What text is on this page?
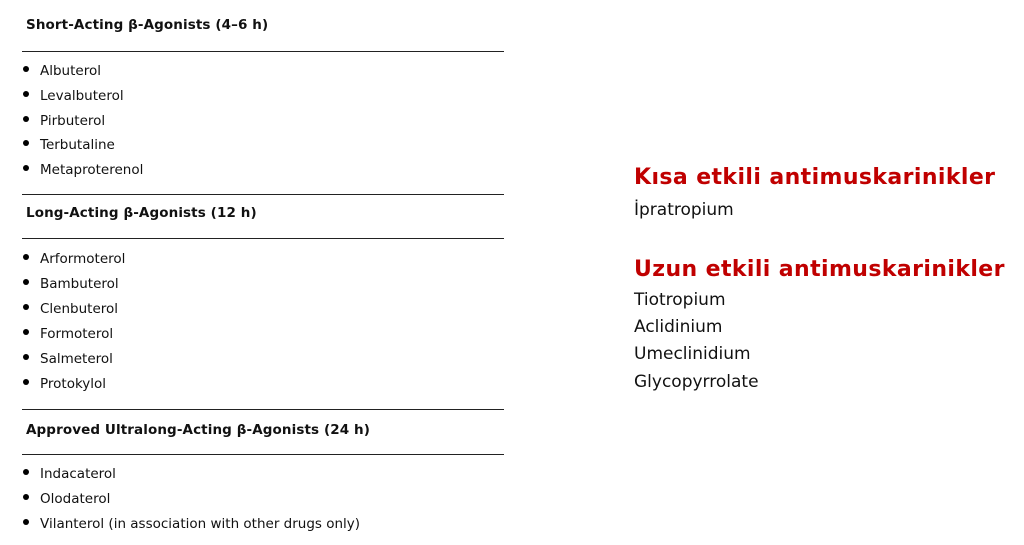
Short-Acting β-Agonists (4–6 h)
Albuterol
Levalbuterol
Pirbuterol
Terbutaline
Metaproterenol
Long-Acting β-Agonists (12 h)
Arformoterol
Bambuterol
Clenbuterol
Formoterol
Salmeterol
Protokylol
Approved Ultralong-Acting β-Agonists (24 h)
Indacaterol
Olodaterol
Vilanterol (in association with other drugs only)
Kısa etkili antimuskarinikler
İpratropium
Uzun etkili antimuskarinikler
Tiotropium
Aclidinium
Umeclinidium
Glycopyrrolate
